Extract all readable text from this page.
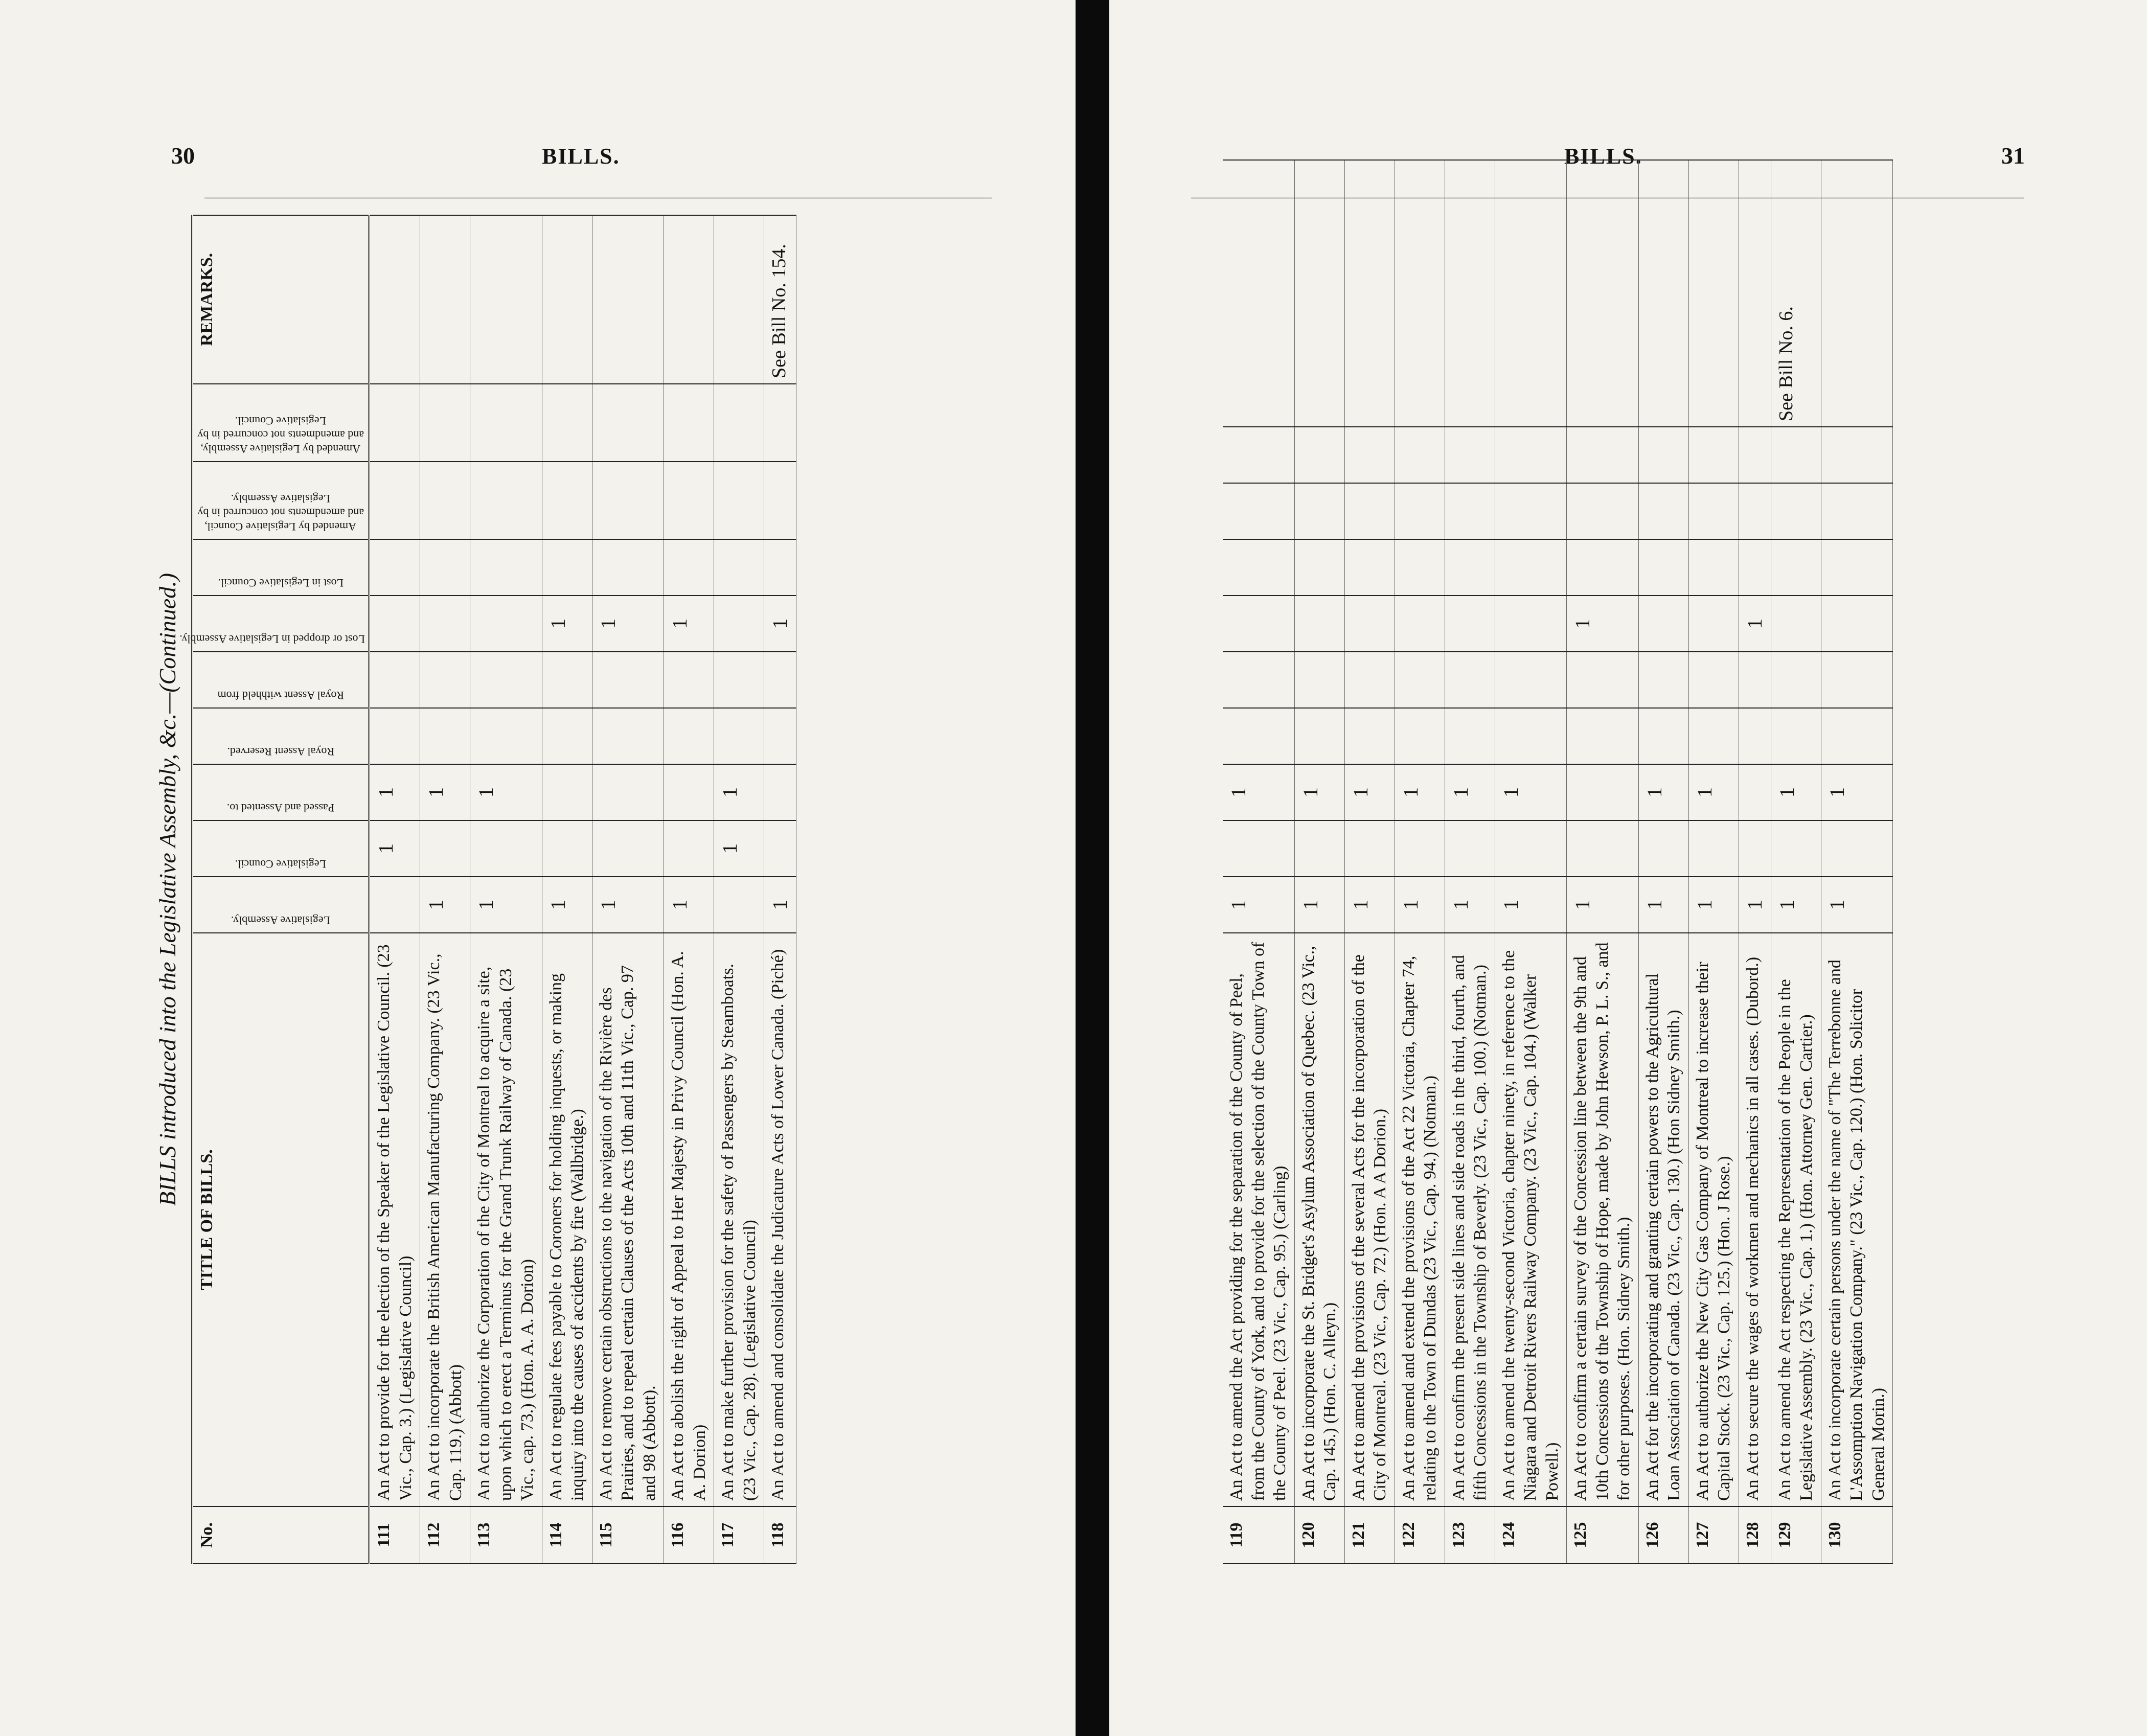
30	BILLS.
BILLS introduced into the Legislative Assembly, &c.—(Continued.)
No.	TITLE OF BILLS.	Legislative Assembly.	Legislative Council.	Passed and Assented to.	Royal Assent Reserved.	Royal Assent withheld from	Lost or dropped in Legislative Assembly.	Lost in Legislative Council.	Amended by Legislative Council, and amendments not concurred in by Legislative Assembly.	Amended by Legislative Assembly, and amendments not concurred in by Legislative Council.	REMARKS.
111	An Act to provide for the election of the Speaker of the Legislative Council. (23 Vic., Cap. 3.) (Legislative Council)		1	1							
112	An Act to incorporate the British American Manufacturing Company. (23 Vic., Cap. 119.) (Abbott)	1		1							
113	An Act to authorize the Corporation of the City of Montreal to acquire a site, upon which to erect a Terminus for the Grand Trunk Railway of Canada. (23 Vic., cap. 73.) (Hon. A. A. Dorion)	1		1							
114	An Act to regulate fees payable to Coroners for holding inquests, or making inquiry into the causes of accidents by fire (Wallbridge.)	1					1				
115	An Act to remove certain obstructions to the navigation of the Rivière des Prairies, and to repeal certain Clauses of the Acts 10th and 11th Vic., Cap. 97 and 98 (Abbott).	1					1				
116	An Act to abolish the right of Appeal to Her Majesty in Privy Council (Hon. A. A. Dorion)	1					1				
117	An Act to make further provision for the safety of Passengers by Steamboats. (23 Vic., Cap. 28). (Legislative Council)		1	1							
118	An Act to amend and consolidate the Judicature Acts of Lower Canada. (Piché)	1					1				See Bill No. 154.
BILLS.	31
119	An Act to amend the Act providing for the separation of the County of Peel, from the County of York, and to provide for the selection of the County Town of the County of Peel. (23 Vic., Cap. 95.) (Carling)	1		1							
120	An Act to incorporate the St. Bridget's Asylum Association of Quebec. (23 Vic., Cap. 145.) (Hon. C. Alleyn.)	1		1							
121	An Act to amend the provisions of the several Acts for the incorporation of the City of Montreal. (23 Vic., Cap. 72.) (Hon. A A Dorion.)	1		1							
122	An Act to amend and extend the provisions of the Act 22 Victoria, Chapter 74, relating to the Town of Dundas (23 Vic., Cap. 94.) (Notman.)	1		1							
123	An Act to confirm the present side lines and side roads in the third, fourth, and fifth Concessions in the Township of Beverly. (23 Vic., Cap. 100.) (Notman.)	1		1							
124	An Act to amend the twenty-second Victoria, chapter ninety, in reference to the Niagara and Detroit Rivers Railway Company. (23 Vic., Cap. 104.) (Walker Powell.)	1		1							
125	An Act to confirm a certain survey of the Concession line between the 9th and 10th Concessions of the Township of Hope, made by John Hewson, P. L. S., and for other purposes. (Hon. Sidney Smith.)	1					1				
126	An Act for the incorporating and granting certain powers to the Agricultural Loan Association of Canada. (23 Vic., Cap. 130.) (Hon Sidney Smith.)	1		1							
127	An Act to authorize the New City Gas Company of Montreal to increase their Capital Stock. (23 Vic., Cap. 125.) (Hon. J Rose.)	1		1							
128	An Act to secure the wages of workmen and mechanics in all cases. (Dubord.)	1					1				
129	An Act to amend the Act respecting the Representation of the People in the Legislative Assembly. (23 Vic., Cap. 1.) (Hon. Attorney Gen. Cartier.)	1		1							See Bill No. 6.
130	An Act to incorporate certain persons under the name of "The Terrebonne and L'Assomption Navigation Company." (23 Vic., Cap. 120.) (Hon. Solicitor General Morin.)	1		1							
